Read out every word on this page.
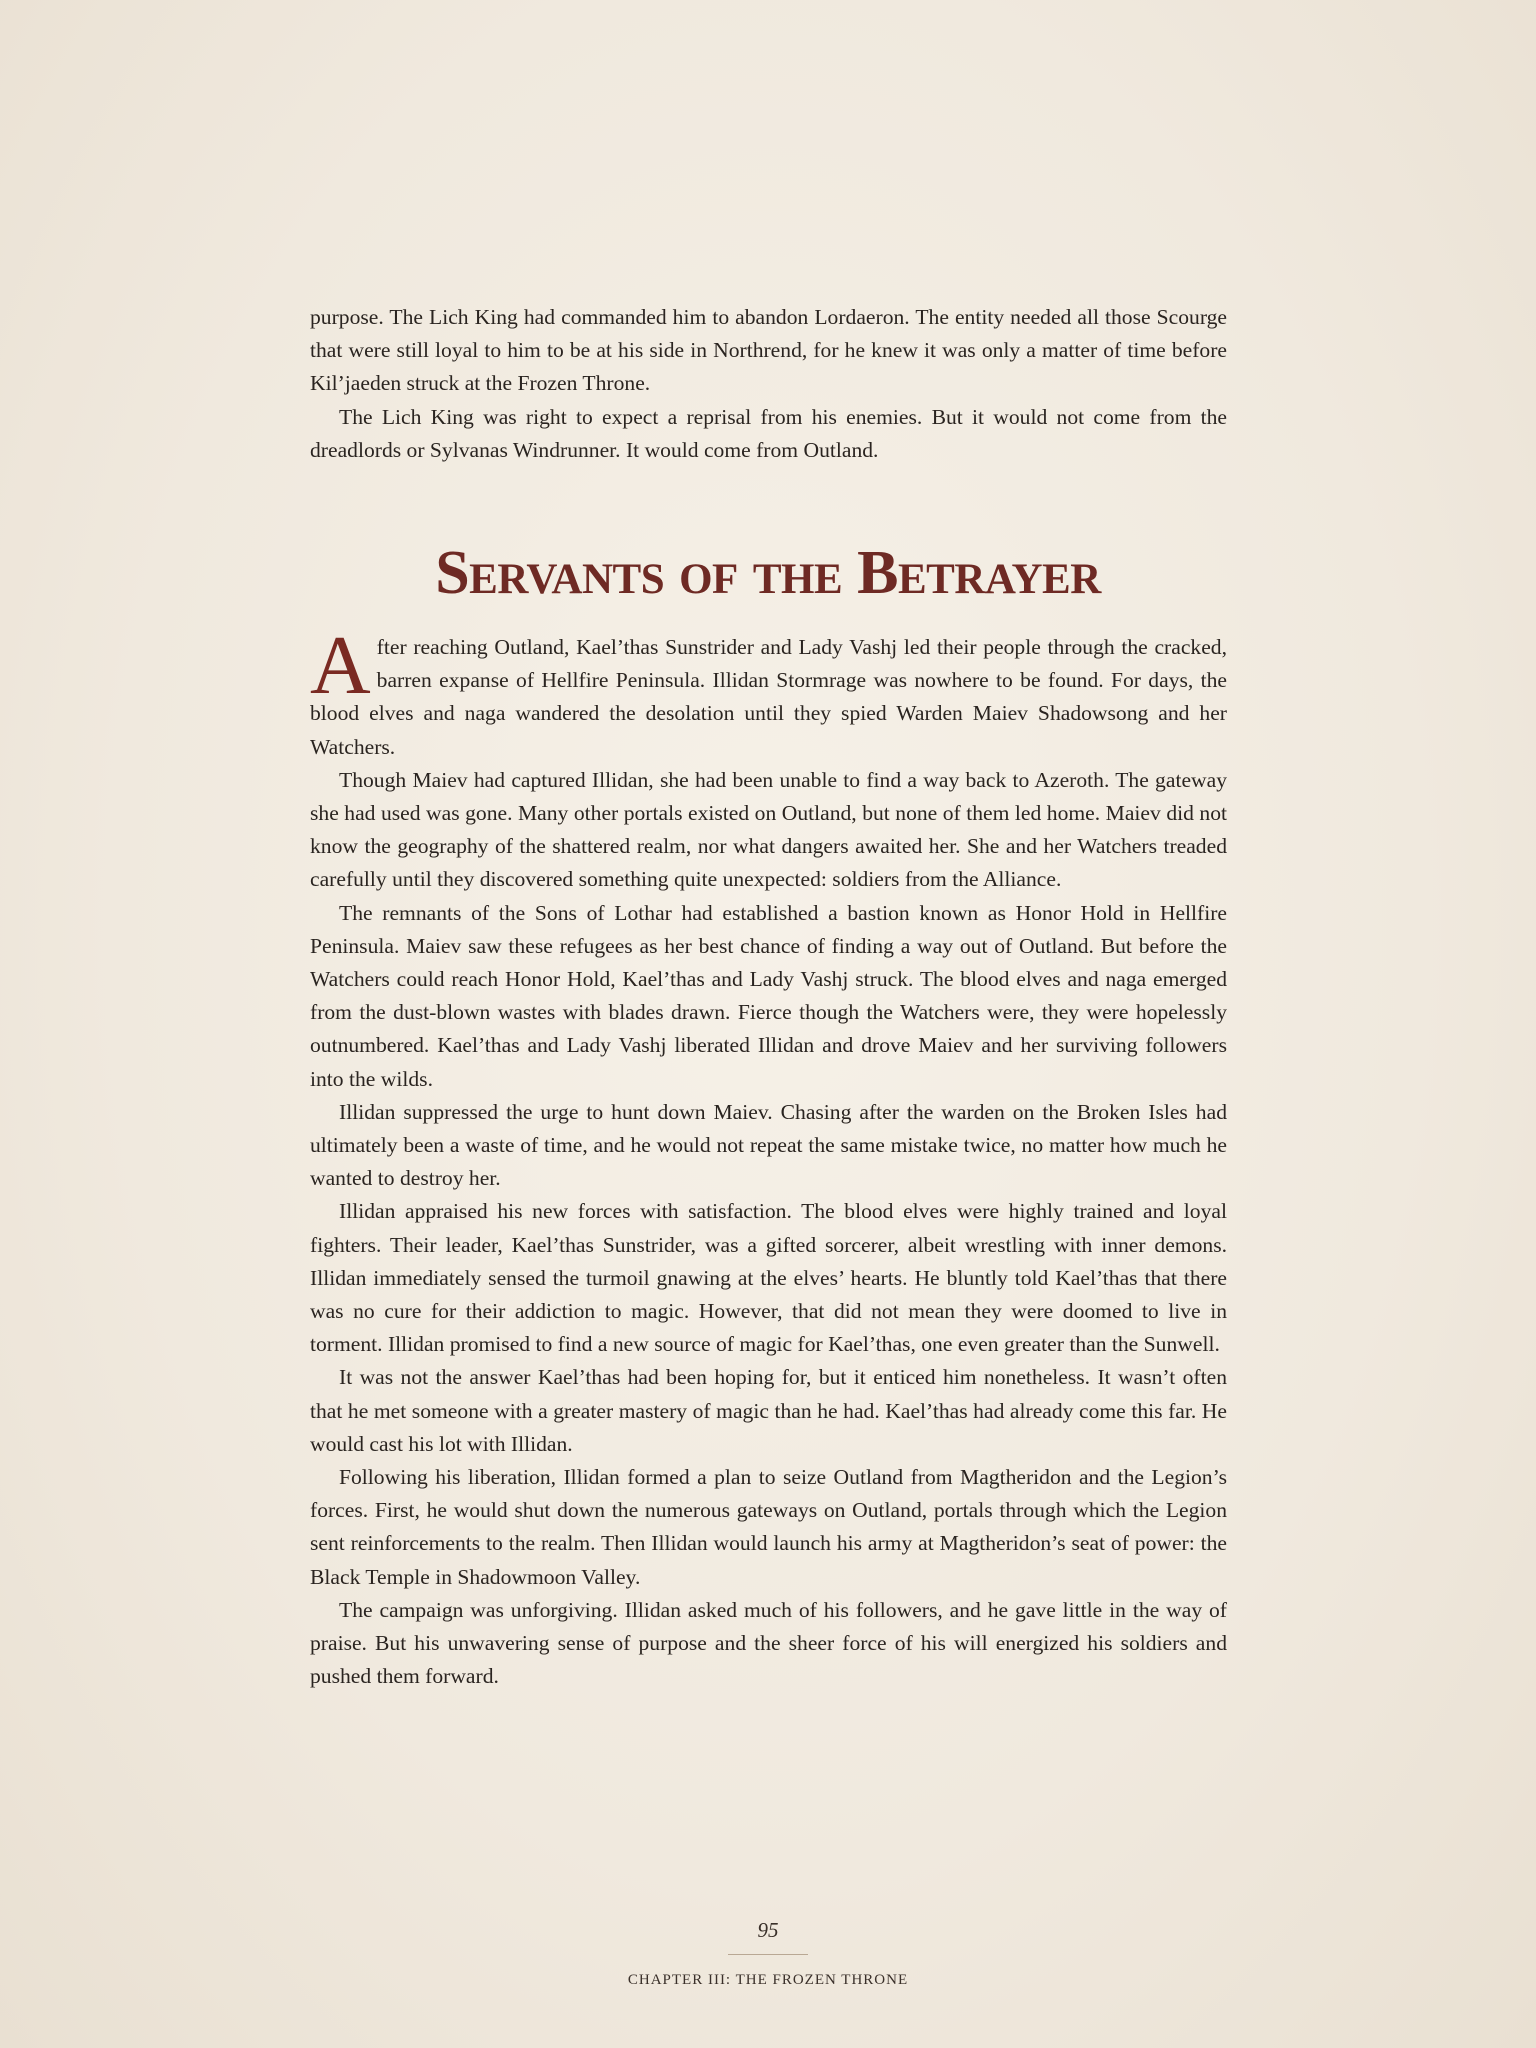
purpose. The Lich King had commanded him to abandon Lordaeron. The entity needed all those Scourge that were still loyal to him to be at his side in Northrend, for he knew it was only a matter of time before Kil’jaeden struck at the Frozen Throne.

The Lich King was right to expect a reprisal from his enemies. But it would not come from the dreadlords or Sylvanas Windrunner. It would come from Outland.

Servants of the Betrayer

After reaching Outland, Kael’thas Sunstrider and Lady Vashj led their people through the cracked, barren expanse of Hellfire Peninsula. Illidan Stormrage was nowhere to be found. For days, the blood elves and naga wandered the desolation until they spied Warden Maiev Shadowsong and her Watchers.

Though Maiev had captured Illidan, she had been unable to find a way back to Azeroth. The gateway she had used was gone. Many other portals existed on Outland, but none of them led home. Maiev did not know the geography of the shattered realm, nor what dangers awaited her. She and her Watchers treaded carefully until they discovered something quite unexpected: soldiers from the Alliance.

The remnants of the Sons of Lothar had established a bastion known as Honor Hold in Hellfire Peninsula. Maiev saw these refugees as her best chance of finding a way out of Outland. But before the Watchers could reach Honor Hold, Kael’thas and Lady Vashj struck. The blood elves and naga emerged from the dust-blown wastes with blades drawn. Fierce though the Watchers were, they were hopelessly outnumbered. Kael’thas and Lady Vashj liberated Illidan and drove Maiev and her surviving followers into the wilds.

Illidan suppressed the urge to hunt down Maiev. Chasing after the warden on the Broken Isles had ultimately been a waste of time, and he would not repeat the same mistake twice, no matter how much he wanted to destroy her.

Illidan appraised his new forces with satisfaction. The blood elves were highly trained and loyal fighters. Their leader, Kael’thas Sunstrider, was a gifted sorcerer, albeit wrestling with inner demons. Illidan immediately sensed the turmoil gnawing at the elves’ hearts. He bluntly told Kael’thas that there was no cure for their addiction to magic. However, that did not mean they were doomed to live in torment. Illidan promised to find a new source of magic for Kael’thas, one even greater than the Sunwell.

It was not the answer Kael’thas had been hoping for, but it enticed him nonetheless. It wasn’t often that he met someone with a greater mastery of magic than he had. Kael’thas had already come this far. He would cast his lot with Illidan.

Following his liberation, Illidan formed a plan to seize Outland from Magtheridon and the Legion’s forces. First, he would shut down the numerous gateways on Outland, portals through which the Legion sent reinforcements to the realm. Then Illidan would launch his army at Magtheridon’s seat of power: the Black Temple in Shadowmoon Valley.

The campaign was unforgiving. Illidan asked much of his followers, and he gave little in the way of praise. But his unwavering sense of purpose and the sheer force of his will energized his soldiers and pushed them forward.

95
CHAPTER III: THE FROZEN THRONE
